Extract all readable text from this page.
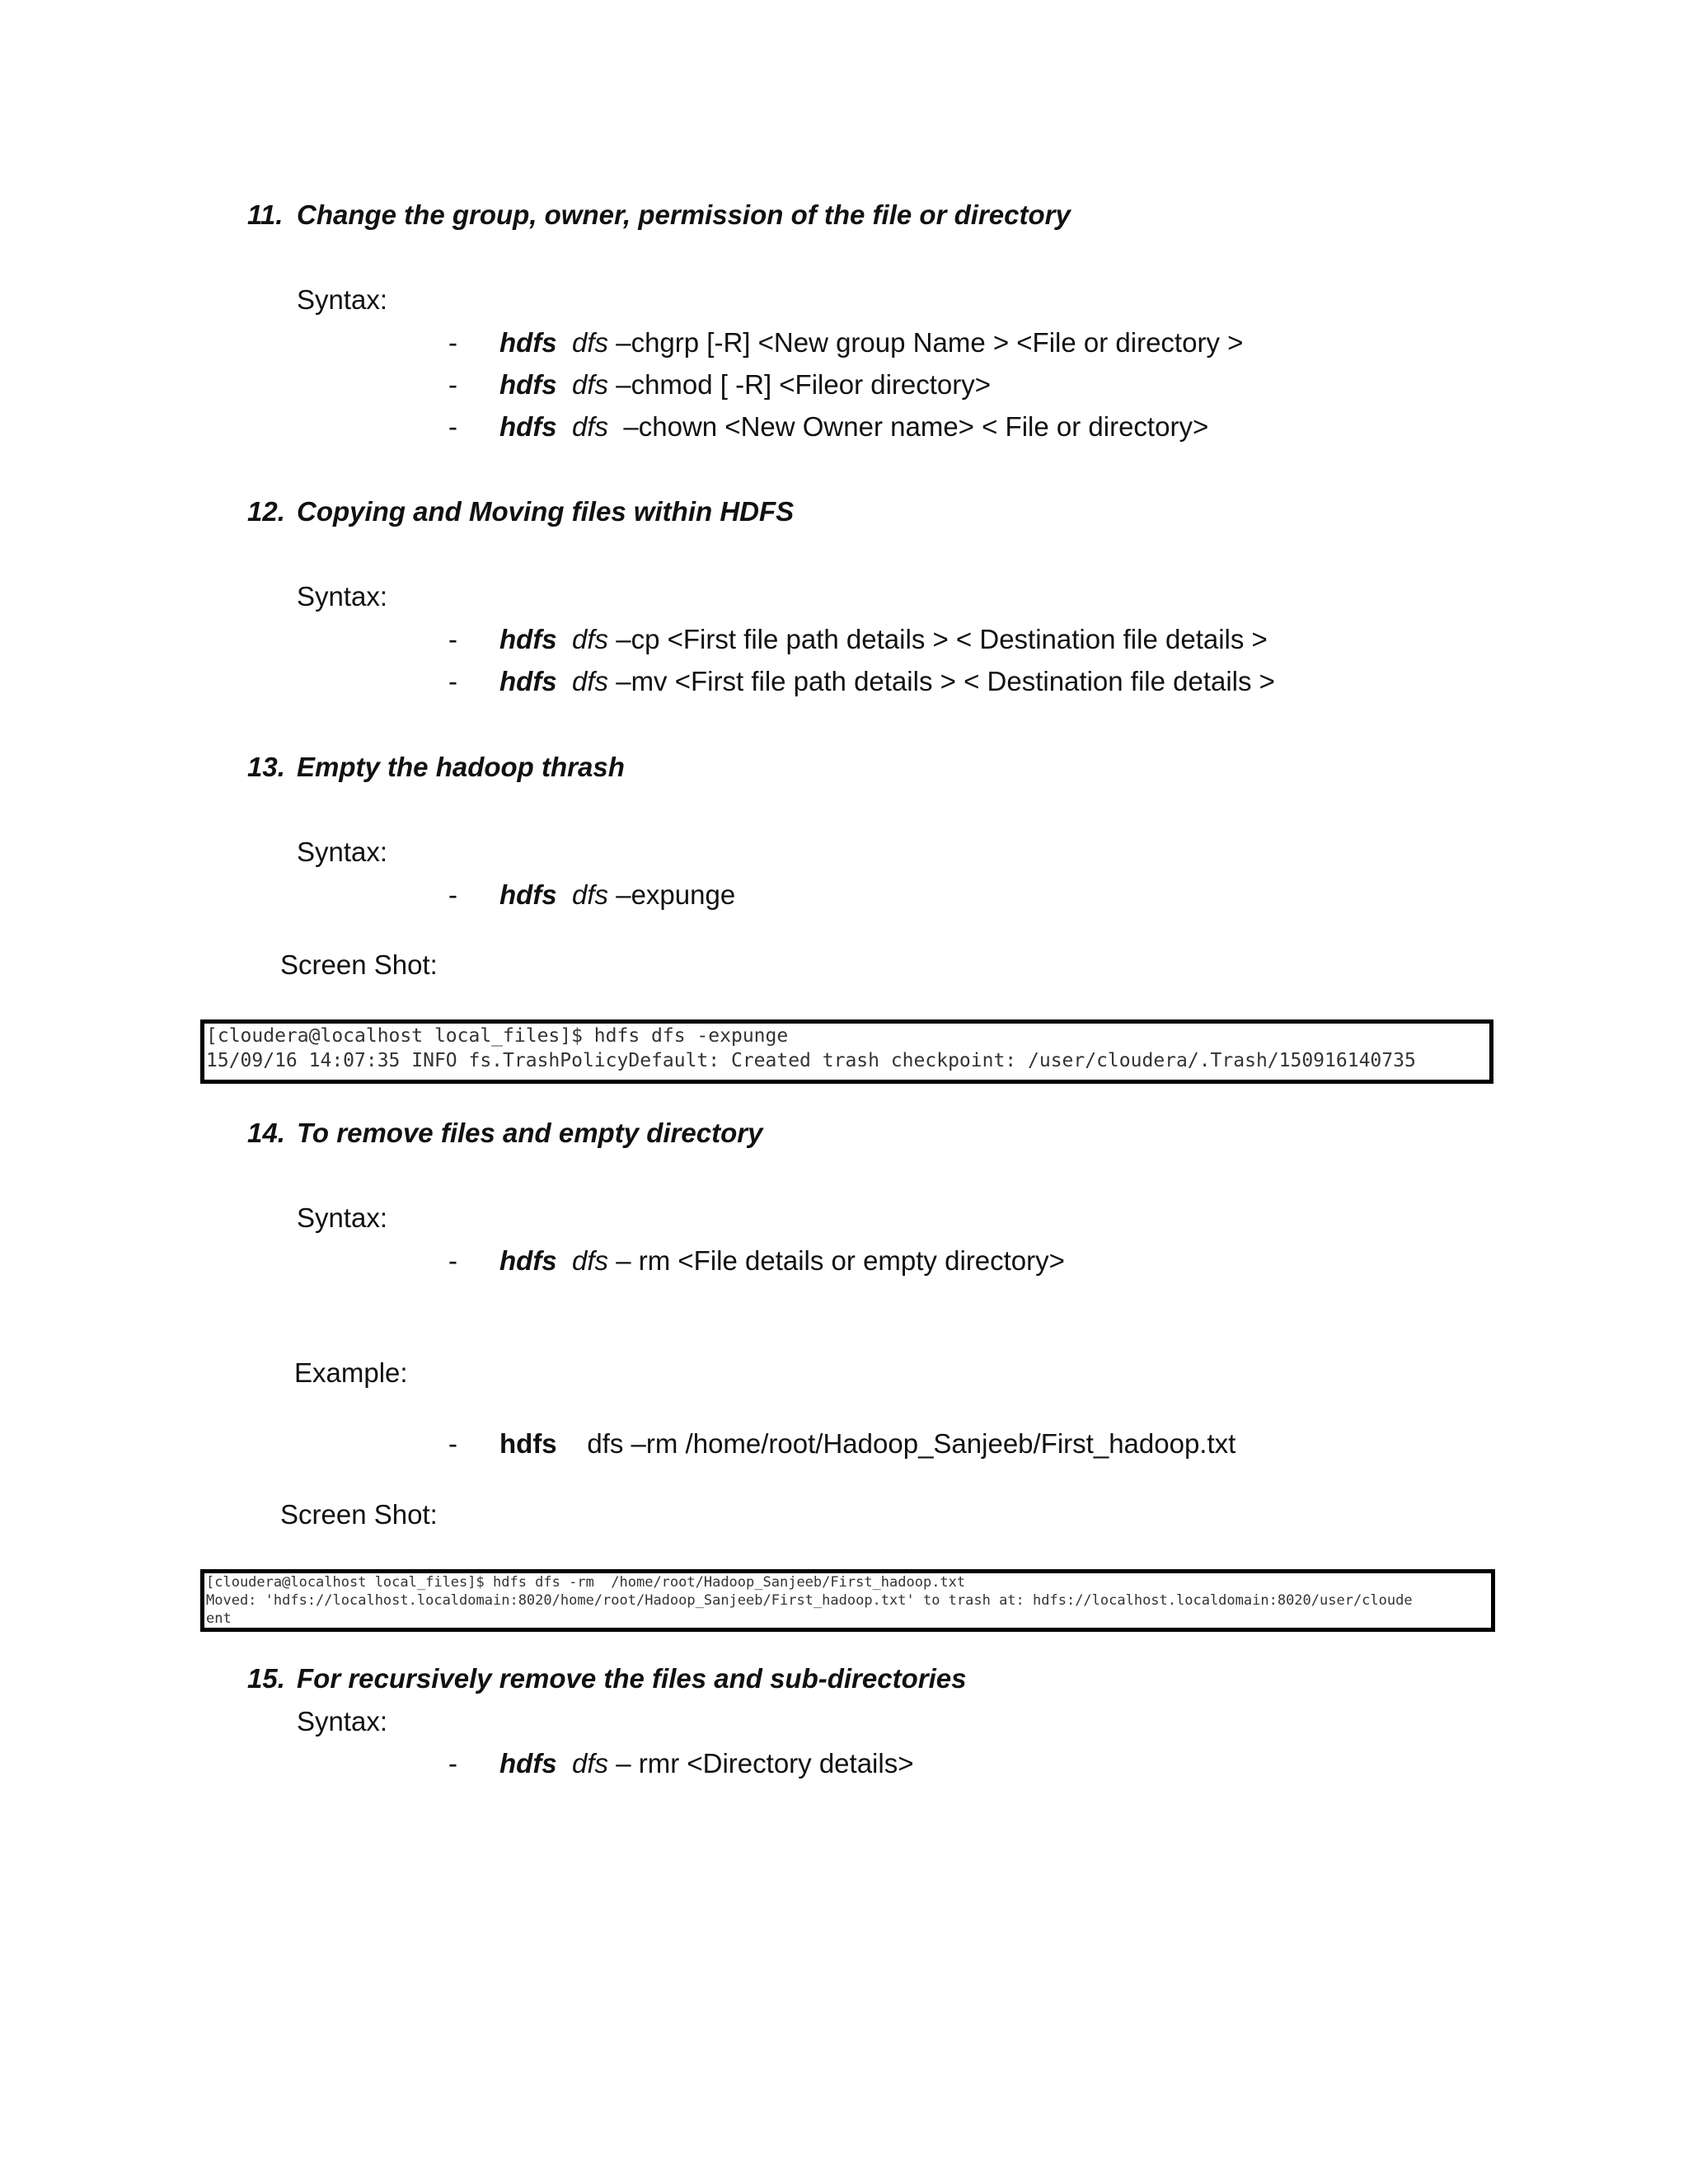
11. Change the group, owner, permission of the file or directory
Syntax:
- hdfs dfs –chgrp [-R] <New group Name > <File or directory >
- hdfs dfs –chmod [ -R] <Fileor directory>
- hdfs dfs  –chown <New Owner name> < File or directory>
12. Copying and Moving files within HDFS
Syntax:
- hdfs dfs –cp <First file path details > < Destination file details >
- hdfs dfs –mv <First file path details > < Destination file details >
13. Empty the hadoop thrash
Syntax:
- hdfs dfs –expunge
Screen Shot:
[cloudera@localhost local_files]$ hdfs dfs -expunge
15/09/16 14:07:35 INFO fs.TrashPolicyDefault: Created trash checkpoint: /user/cloudera/.Trash/150916140735
14. To remove files and empty directory
Syntax:
- hdfs dfs – rm <File details or empty directory>
Example:
- hdfs dfs –rm /home/root/Hadoop_Sanjeeb/First_hadoop.txt
Screen Shot:
[cloudera@localhost local_files]$ hdfs dfs -rm  /home/root/Hadoop_Sanjeeb/First_hadoop.txt
Moved: 'hdfs://localhost.localdomain:8020/home/root/Hadoop_Sanjeeb/First_hadoop.txt' to trash at: hdfs://localhost.localdomain:8020/user/cloude
ent
15. For recursively remove the files and sub-directories
Syntax:
- hdfs dfs – rmr <Directory details>
